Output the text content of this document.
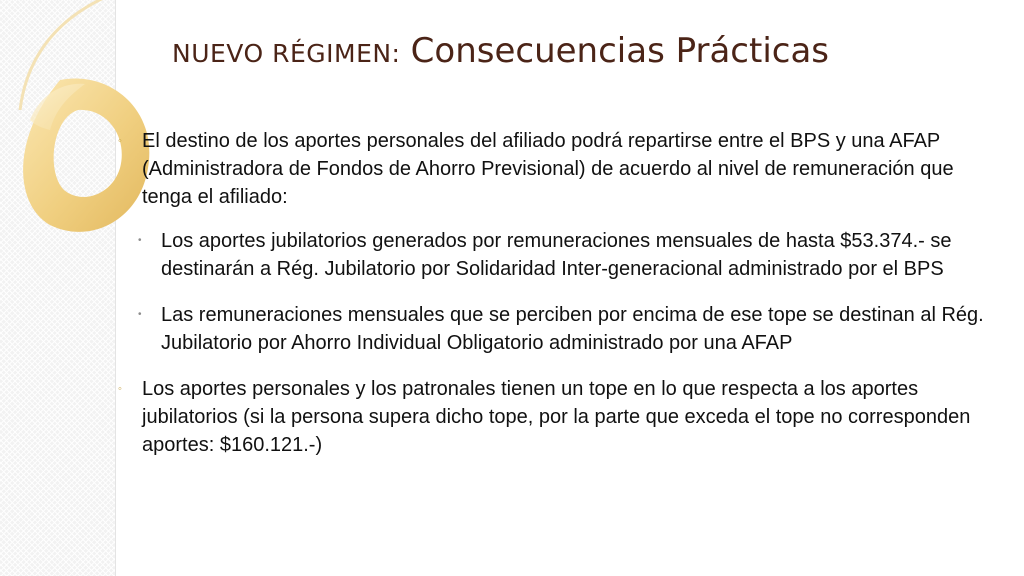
NUEVO RÉGIMEN: Consecuencias Prácticas
◦ El destino de los aportes personales del afiliado podrá repartirse entre el BPS y una AFAP (Administradora de Fondos de Ahorro Previsional) de acuerdo al nivel de remuneración que tenga el afiliado:
• Los aportes jubilatorios generados por remuneraciones mensuales de hasta $53.374.- se destinarán a Rég. Jubilatorio por Solidaridad Inter-generacional administrado por el BPS
• Las remuneraciones mensuales que se perciben por encima de ese tope se destinan al Rég. Jubilatorio por Ahorro Individual Obligatorio administrado por una AFAP
◦ Los aportes personales y los patronales tienen un tope en lo que respecta a los aportes jubilatorios (si la persona supera dicho tope, por la parte que exceda el tope no corresponden aportes: $160.121.-)
